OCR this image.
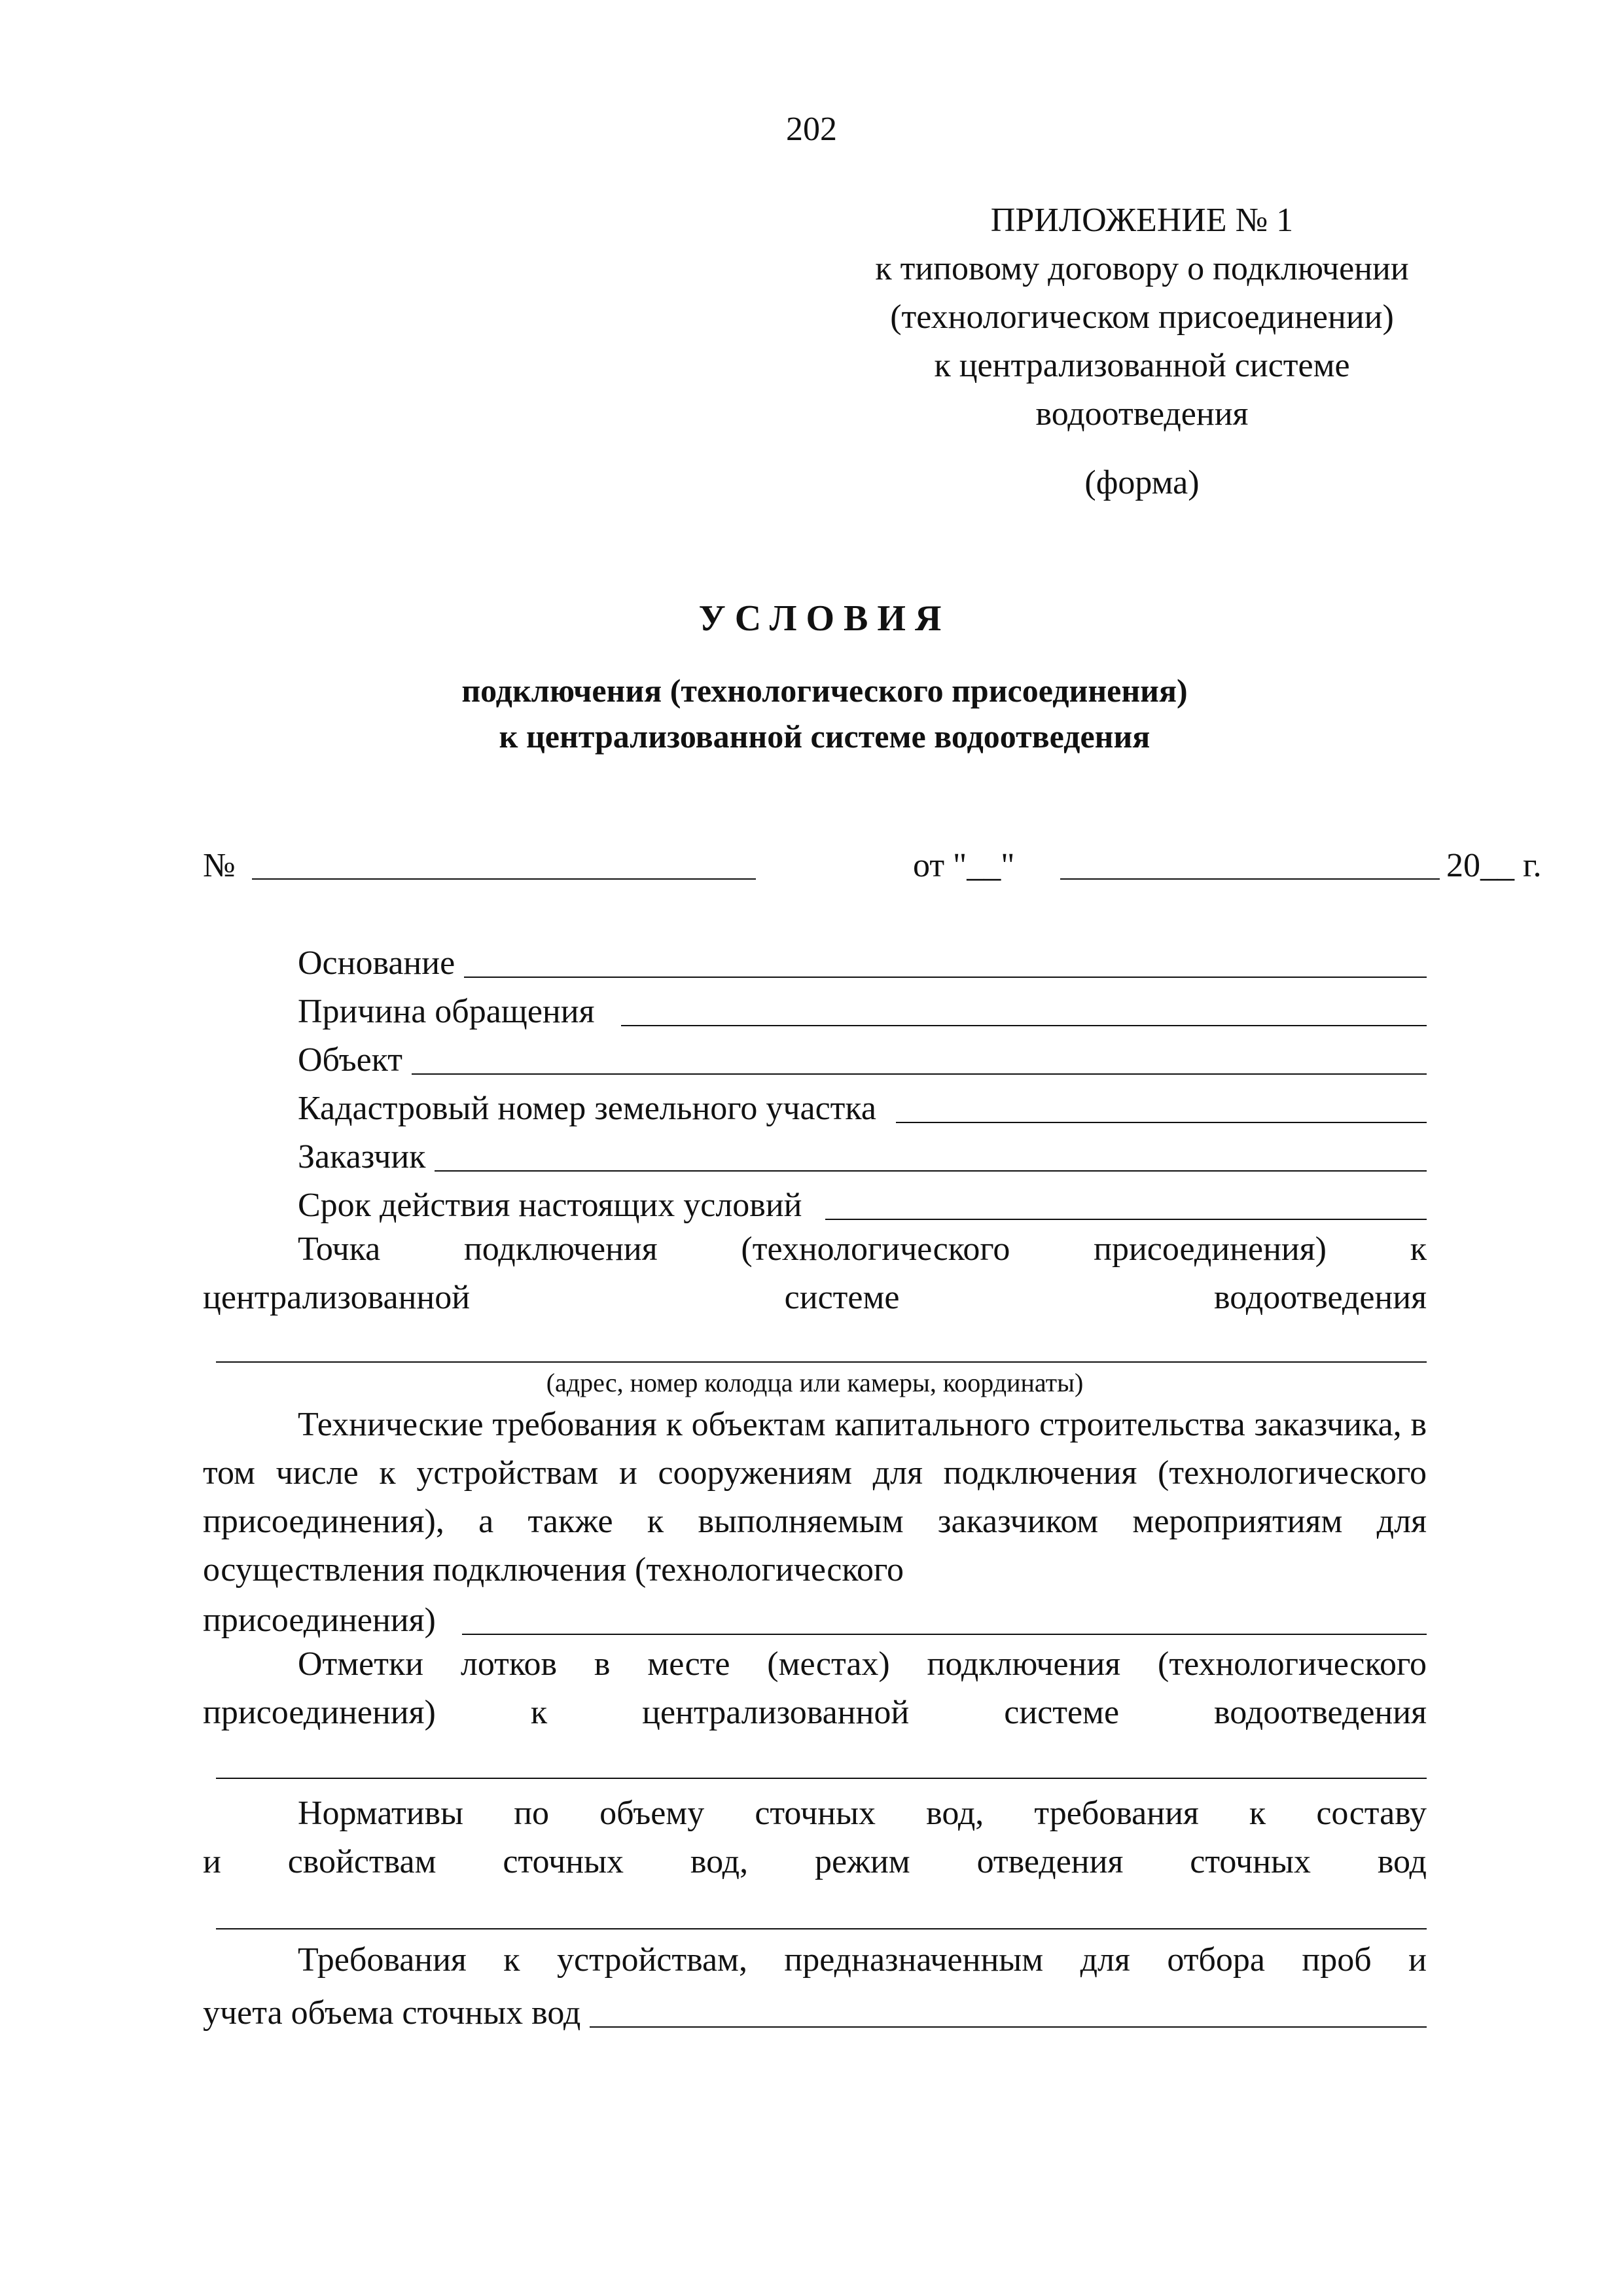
202
ПРИЛОЖЕНИЕ № 1
к типовому договору о подключении
(технологическом присоединении)
к централизованной системе
водоотведения
(форма)
УСЛОВИЯ
подключения (технологического присоединения)
к централизованной системе водоотведения
№	от "__"	20__ г.
Основание
Причина обращения
Объект
Кадастровый номер земельного участка
Заказчик
Срок действия настоящих условий
Точка подключения (технологического присоединения) к
централизованной системе водоотведения
(адрес, номер колодца или камеры, координаты)
Технические требования к объектам капитального строительства заказчика, в том числе к устройствам и сооружениям для подключения (технологического присоединения), а также к выполняемым заказчиком мероприятиям для осуществления подключения (технологического
присоединения)
Отметки лотков в месте (местах) подключения (технологического
присоединения) к централизованной системе водоотведения
Нормативы по объему сточных вод, требования к составу
и свойствам сточных вод, режим отведения сточных вод
Требования к устройствам, предназначенным для отбора проб и
учета объема сточных вод
